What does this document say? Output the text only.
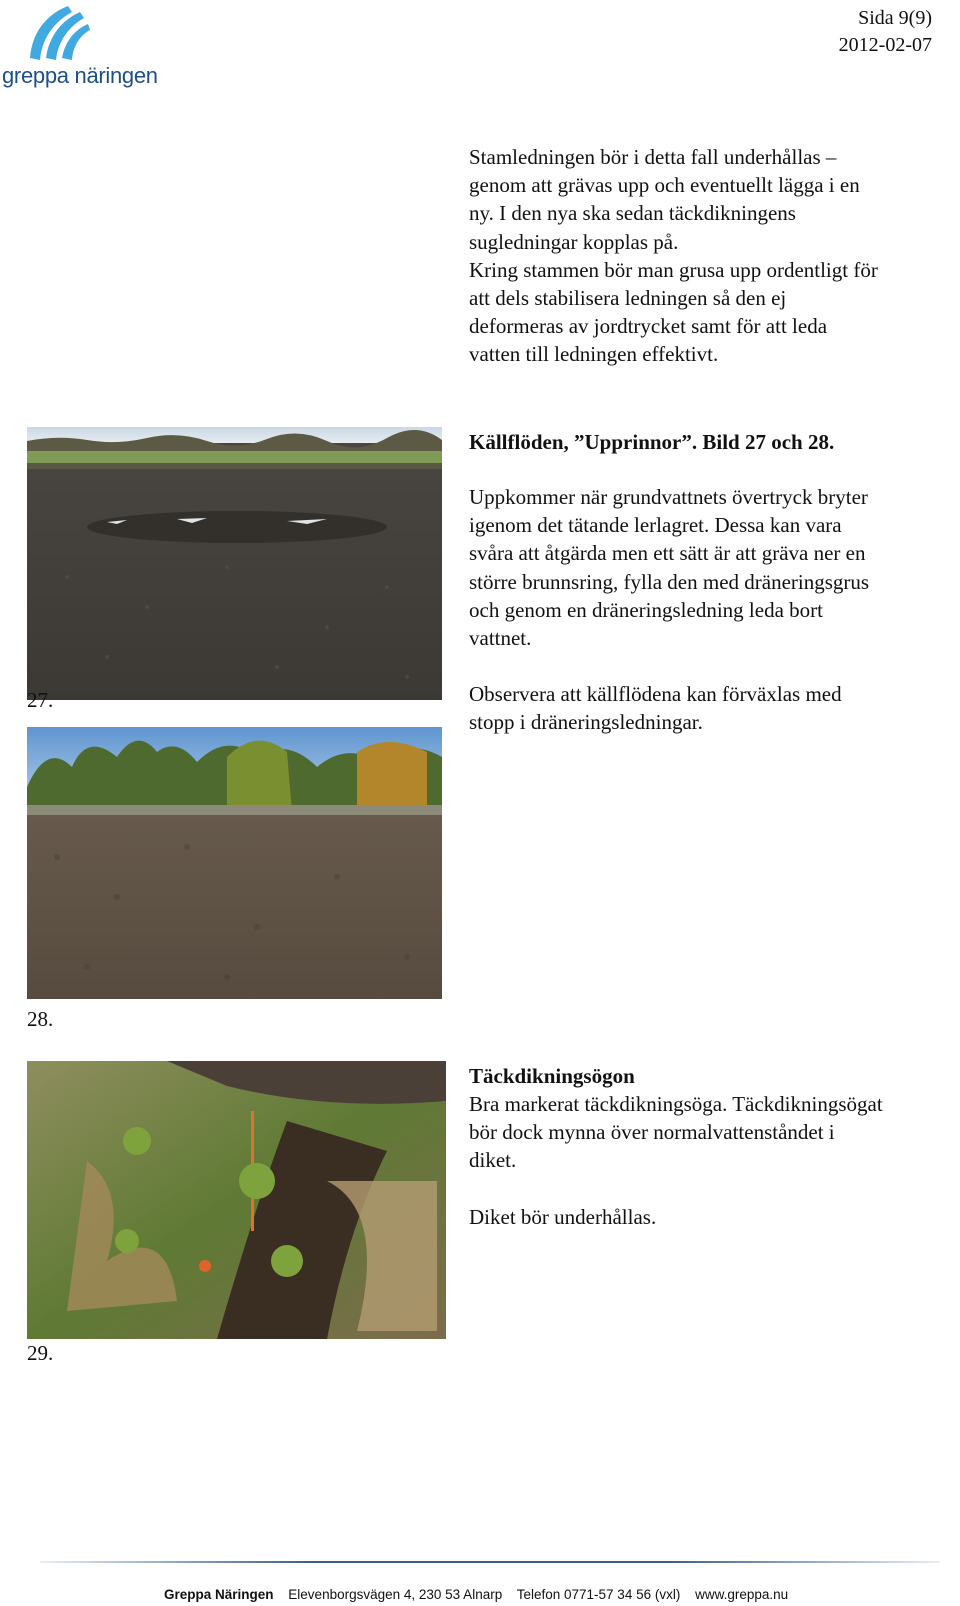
greppa näringen
Sida 9(9)
2012-02-07
Stamledningen bör i detta fall underhållas –
genom att grävas upp och eventuellt lägga i en
ny. I den nya ska sedan täckdikningens
sugledningar kopplas på.
Kring stammen bör man grusa upp ordentligt för
att dels stabilisera ledningen så den ej
deformeras av jordtrycket samt för att leda
vatten till ledningen effektivt.
Källflöden, ”Upprinnor”. Bild 27 och 28.
Uppkommer när grundvattnets övertryck bryter
igenom det tätande lerlagret. Dessa kan vara
svåra att åtgärda men ett sätt är att gräva ner en
större brunnsring, fylla den med dräneringsgrus
och genom en dräneringsledning leda bort
vattnet.
Observera att källflödena kan förväxlas med
stopp i dräneringsledningar.
27.
28.
Täckdikningsögon
Bra markerat täckdikningsöga. Täckdikningsögat
bör dock mynna över normalvattenståndet i
diket.
Diket bör underhållas.
29.
Greppa Näringen Elevenborgsvägen 4, 230 53 Alnarp Telefon 0771-57 34 56 (vxl) www.greppa.nu
